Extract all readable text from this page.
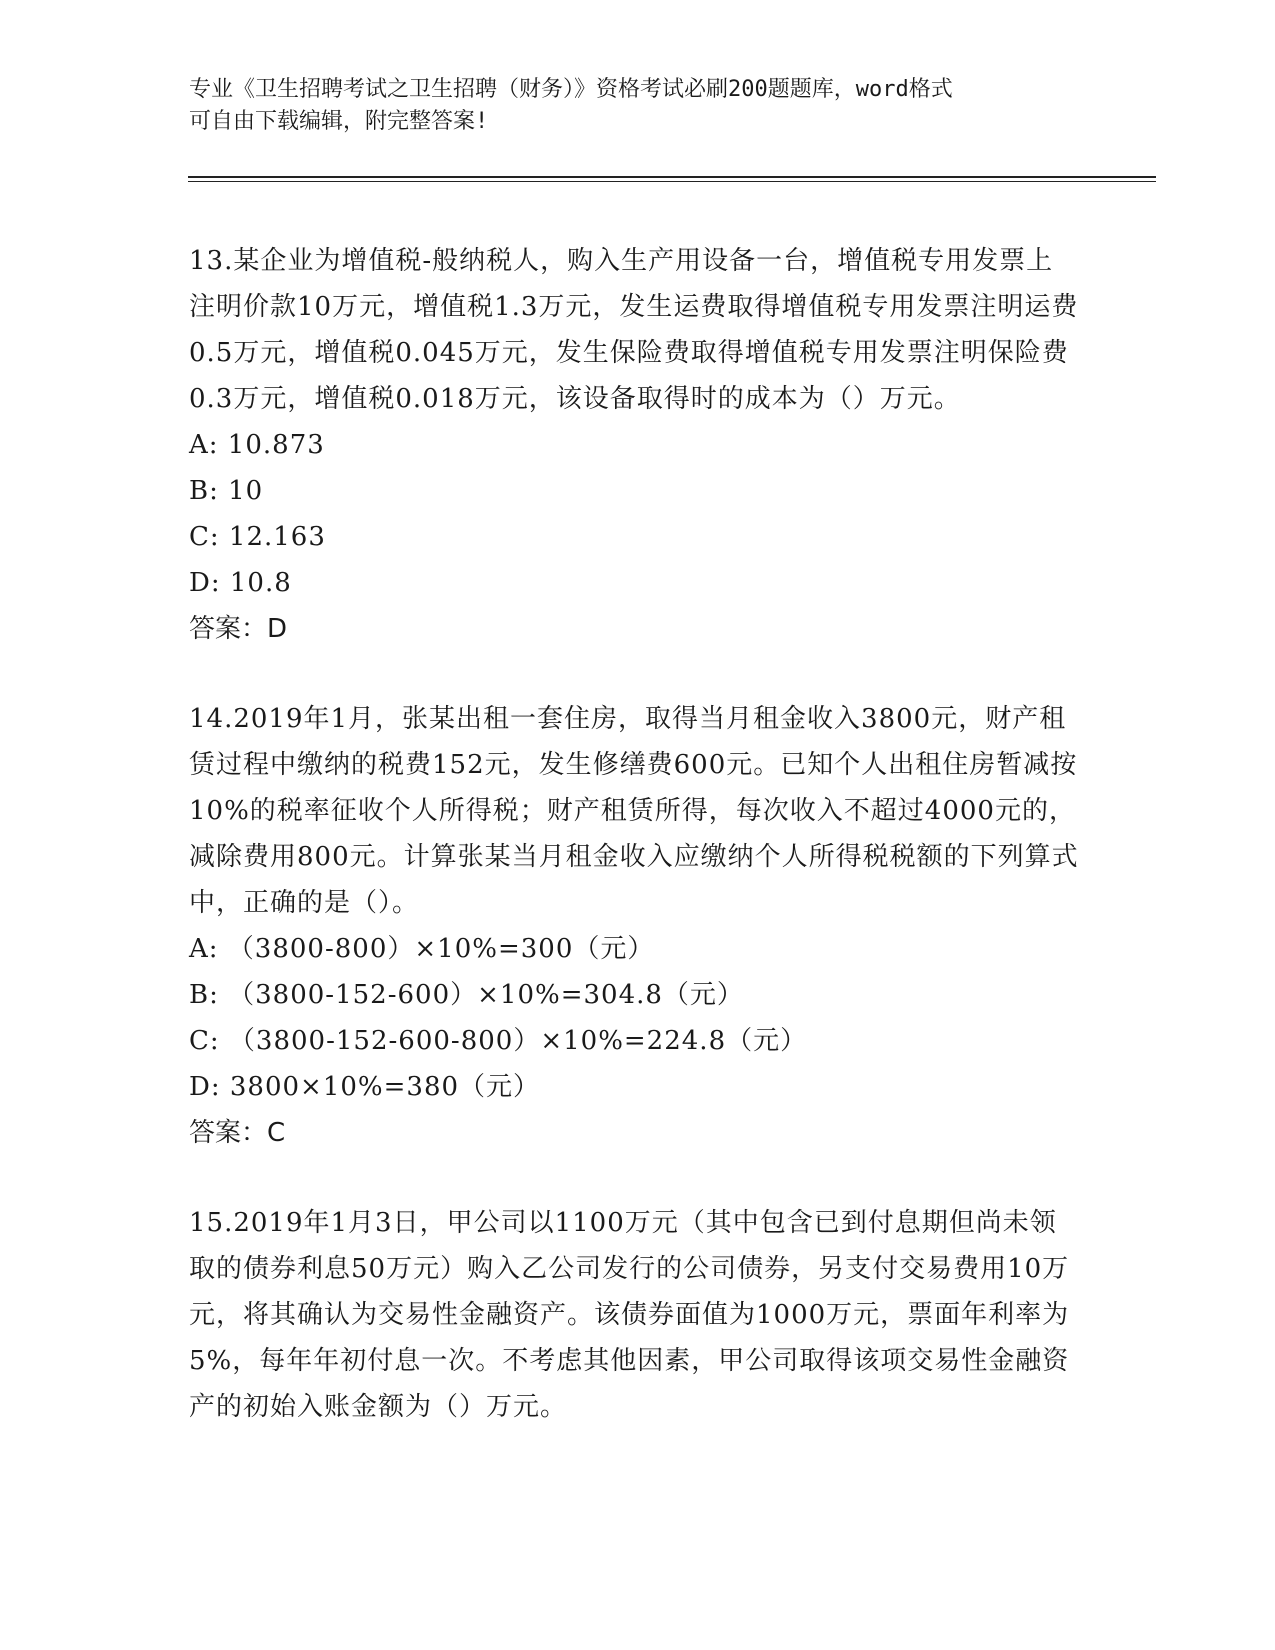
专业《卫生招聘考试之卫生招聘（财务）》资格考试必刷200题题库，word格式
可自由下载编辑，附完整答案!

13.某企业为增值税-般纳税人，购入生产用设备一台，增值税专用发票上注明价款10万元，增值税1.3万元，发生运费取得增值税专用发票注明运费0.5万元，增值税0.045万元，发生保险费取得增值税专用发票注明保险费0.3万元，增值税0.018万元，该设备取得时的成本为（）万元。

A: 10.873

B: 10

C: 12.163

D: 10.8

答案：D

14.2019年1月，张某出租一套住房，取得当月租金收入3800元，财产租赁过程中缴纳的税费152元，发生修缮费600元。已知个人出租住房暂减按10%的税率征收个人所得税；财产租赁所得，每次收入不超过4000元的，减除费用800元。计算张某当月租金收入应缴纳个人所得税税额的下列算式中，正确的是（）。

A: （3800-800）×10%=300（元）

B: （3800-152-600）×10%=304.8（元）

C: （3800-152-600-800）×10%=224.8（元）

D: 3800×10%=380（元）

答案：C

15.2019年1月3日，甲公司以1100万元（其中包含已到付息期但尚未领取的债券利息50万元）购入乙公司发行的公司债券，另支付交易费用10万元，将其确认为交易性金融资产。该债券面值为1000万元，票面年利率为5%，每年年初付息一次。不考虑其他因素，甲公司取得该项交易性金融资产的初始入账金额为（）万元。
